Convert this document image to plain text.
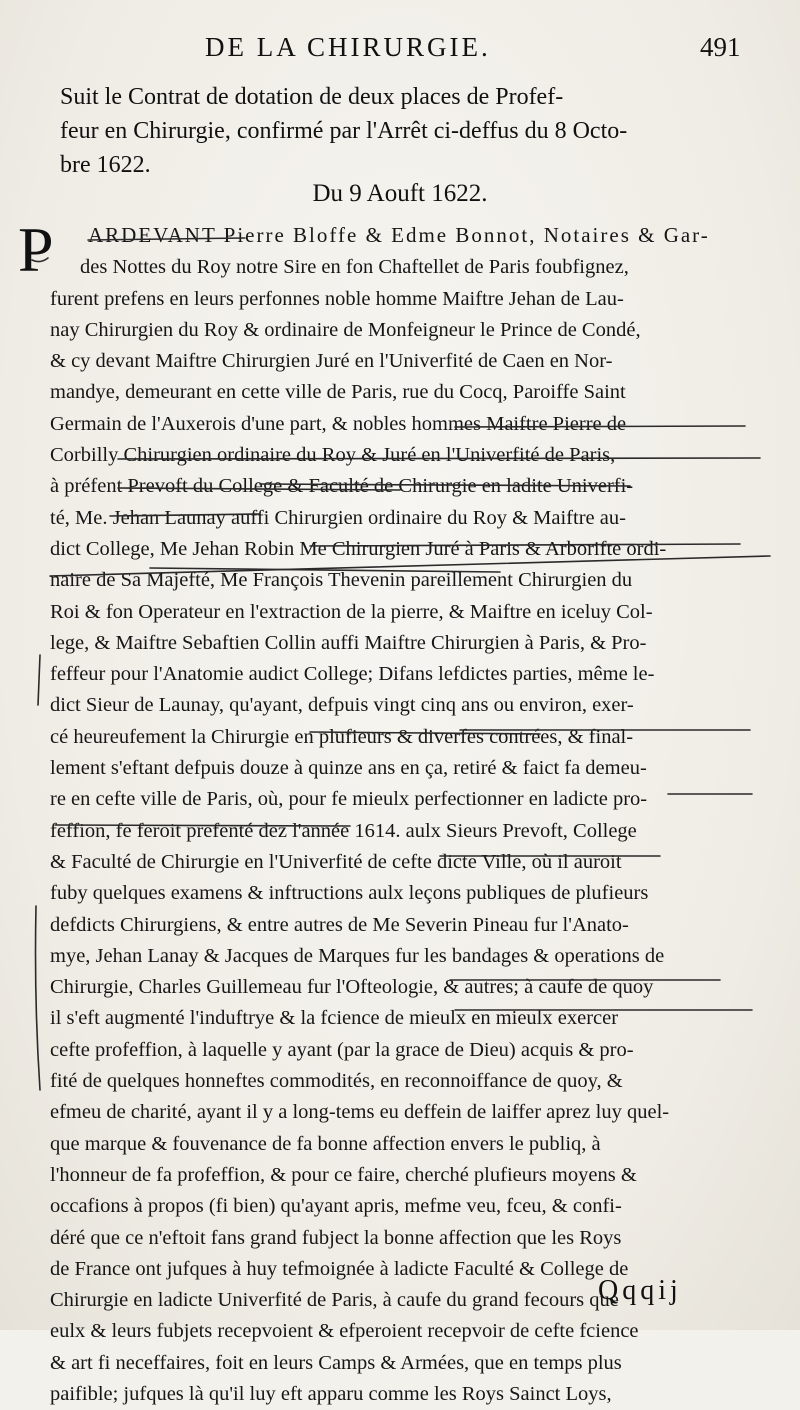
DE LA CHIRURGIE.	491
Suit le Contrat de dotation de deux places de Profef-
feur en Chirurgie, confirmé par l'Arrêt ci-deffus du 8 Octo-
bre 1622.
Du 9 Aouft 1622.
P	ARDEVANT Pierre Bloffe & Edme Bonnot, Notaires & Gar-
des Nottes du Roy notre Sire en fon Chaftellet de Paris foubfignez,
furent prefens en leurs perfonnes noble homme Maiftre Jehan de Lau-
nay Chirurgien du Roy & ordinaire de Monfeigneur le Prince de Condé,
& cy devant Maiftre Chirurgien Juré en l'Univerfité de Caen en Nor-
mandye, demeurant en cette ville de Paris, rue du Cocq, Paroiffe Saint
Germain de l'Auxerois d'une part, & nobles hommes Maiftre Pierre de
Corbilly Chirurgien ordinaire du Roy & Juré en l'Univerfité de Paris,
à préfent Prevoft du College & Faculté de Chirurgie en ladite Univerfi-
té, Me. Jehan Launay auffi Chirurgien ordinaire du Roy & Maiftre au-
dict College, Me Jehan Robin Me Chirurgien Juré à Paris & Arborifte ordi-
naire de Sa Majefté, Me François Thevenin pareillement Chirurgien du
Roi & fon Operateur en l'extraction de la pierre, & Maiftre en iceluy Col-
lege, & Maiftre Sebaftien Collin auffi Maiftre Chirurgien à Paris, & Pro-
feffeur pour l'Anatomie audict College; Difans lefdictes parties, même le-
dict Sieur de Launay, qu'ayant, defpuis vingt cinq ans ou environ, exer-
cé heureufement la Chirurgie en plufieurs & diverfes contrées, & final-
lement s'eftant defpuis douze à quinze ans en ça, retiré & faict fa demeu-
re en cefte ville de Paris, où, pour fe mieulx perfectionner en ladicte pro-
feffion, fe feroit prefenté dez l'année 1614. aulx Sieurs Prevoft, College
& Faculté de Chirurgie en l'Univerfité de cefte dicte Ville, où il auroit
fuby quelques examens & inftructions aulx leçons publiques de plufieurs
defdicts Chirurgiens, & entre autres de Me Severin Pineau fur l'Anato-
mye, Jehan Lanay & Jacques de Marques fur les bandages & operations de
Chirurgie, Charles Guillemeau fur l'Ofteologie, & autres; à caufe de quoy
il s'eft augmenté l'induftrye & la fcience de mieulx en mieulx exercer
cefte profeffion, à laquelle y ayant (par la grace de Dieu) acquis & pro-
fité de quelques honneftes commodités, en reconnoiffance de quoy, &
efmeu de charité, ayant il y a long-tems eu deffein de laiffer aprez luy quel-
que marque & fouvenance de fa bonne affection envers le publiq, à
l'honneur de fa profeffion, & pour ce faire, cherché plufieurs moyens &
occafions à propos (fi bien) qu'ayant apris, mefme veu, fceu, & confi-
déré que ce n'eftoit fans grand fubject la bonne affection que les Roys
de France ont jufques à huy tefmoignée à ladicte Faculté & College de
Chirurgie en ladicte Univerfité de Paris, à caufe du grand fecours que
eulx & leurs fubjets recepvoient & efperoient recepvoir de cefte fcience
& art fi neceffaires, foit en leurs Camps & Armées, que en temps plus
paifible; jufques là qu'il luy eft apparu comme les Roys Sainct Loys,
Qqqij
